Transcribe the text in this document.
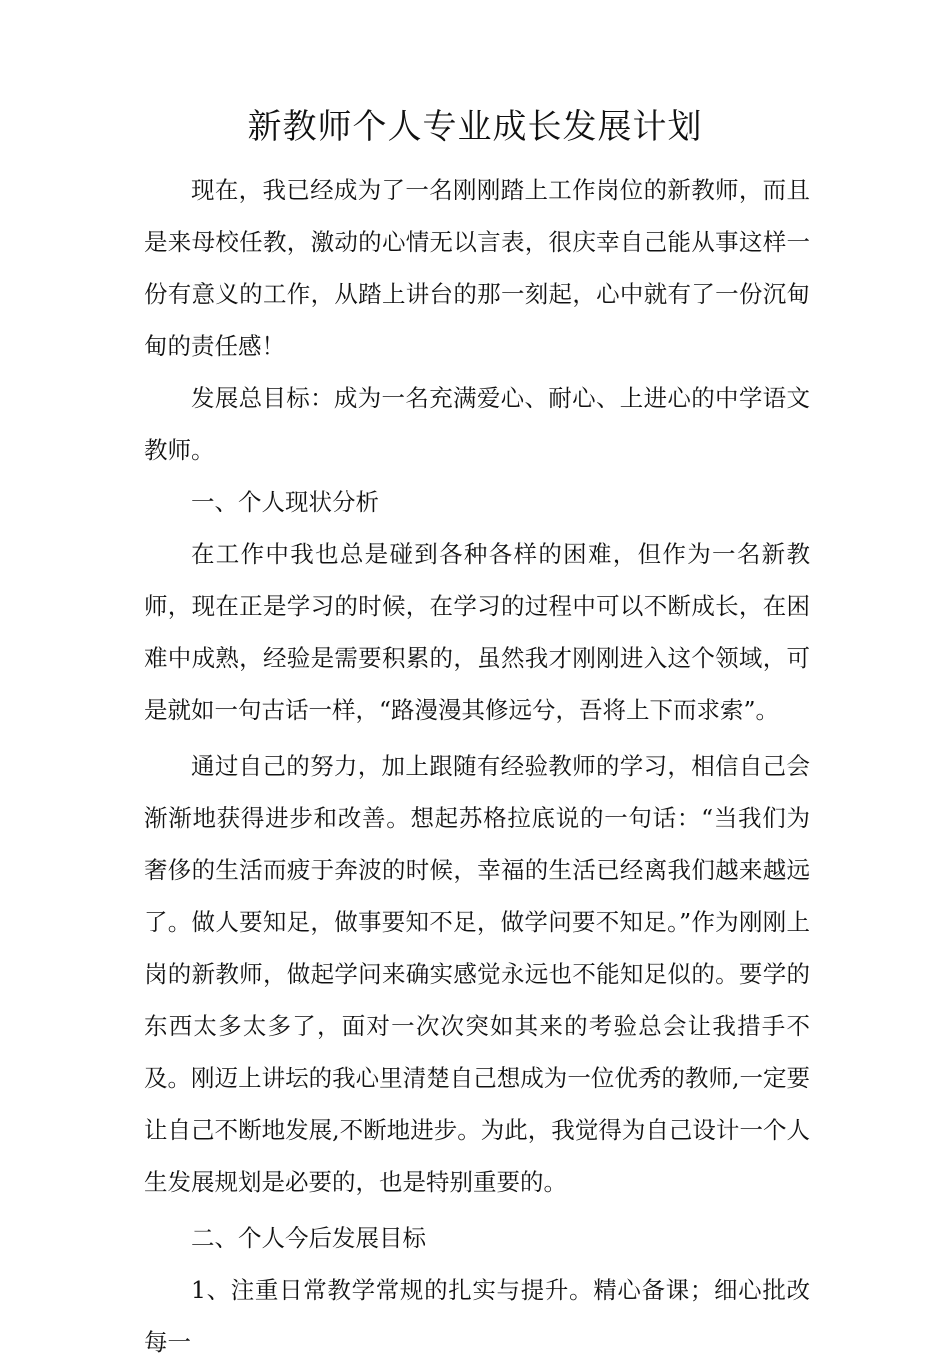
新教师个人专业成长发展计划

现在，我已经成为了一名刚刚踏上工作岗位的新教师，而且是来母校任教，激动的心情无以言表，很庆幸自己能从事这样一份有意义的工作，从踏上讲台的那一刻起，心中就有了一份沉甸甸的责任感！

发展总目标：成为一名充满爱心、耐心、上进心的中学语文教师。

一、个人现状分析

在工作中我也总是碰到各种各样的困难，但作为一名新教师，现在正是学习的时候，在学习的过程中可以不断成长，在困难中成熟，经验是需要积累的，虽然我才刚刚进入这个领域，可是就如一句古话一样，“路漫漫其修远兮，吾将上下而求索”。

通过自己的努力，加上跟随有经验教师的学习，相信自己会渐渐地获得进步和改善。想起苏格拉底说的一句话：“当我们为奢侈的生活而疲于奔波的时候，幸福的生活已经离我们越来越远了。做人要知足，做事要知不足，做学问要不知足。”作为刚刚上岗的新教师，做起学问来确实感觉永远也不能知足似的。要学的东西太多太多了，面对一次次突如其来的考验总会让我措手不及。刚迈上讲坛的我心里清楚自己想成为一位优秀的教师,一定要让自己不断地发展,不断地进步。为此，我觉得为自己设计一个人生发展规划是必要的，也是特别重要的。

二、个人今后发展目标

1、注重日常教学常规的扎实与提升。精心备课；细心批改每一
